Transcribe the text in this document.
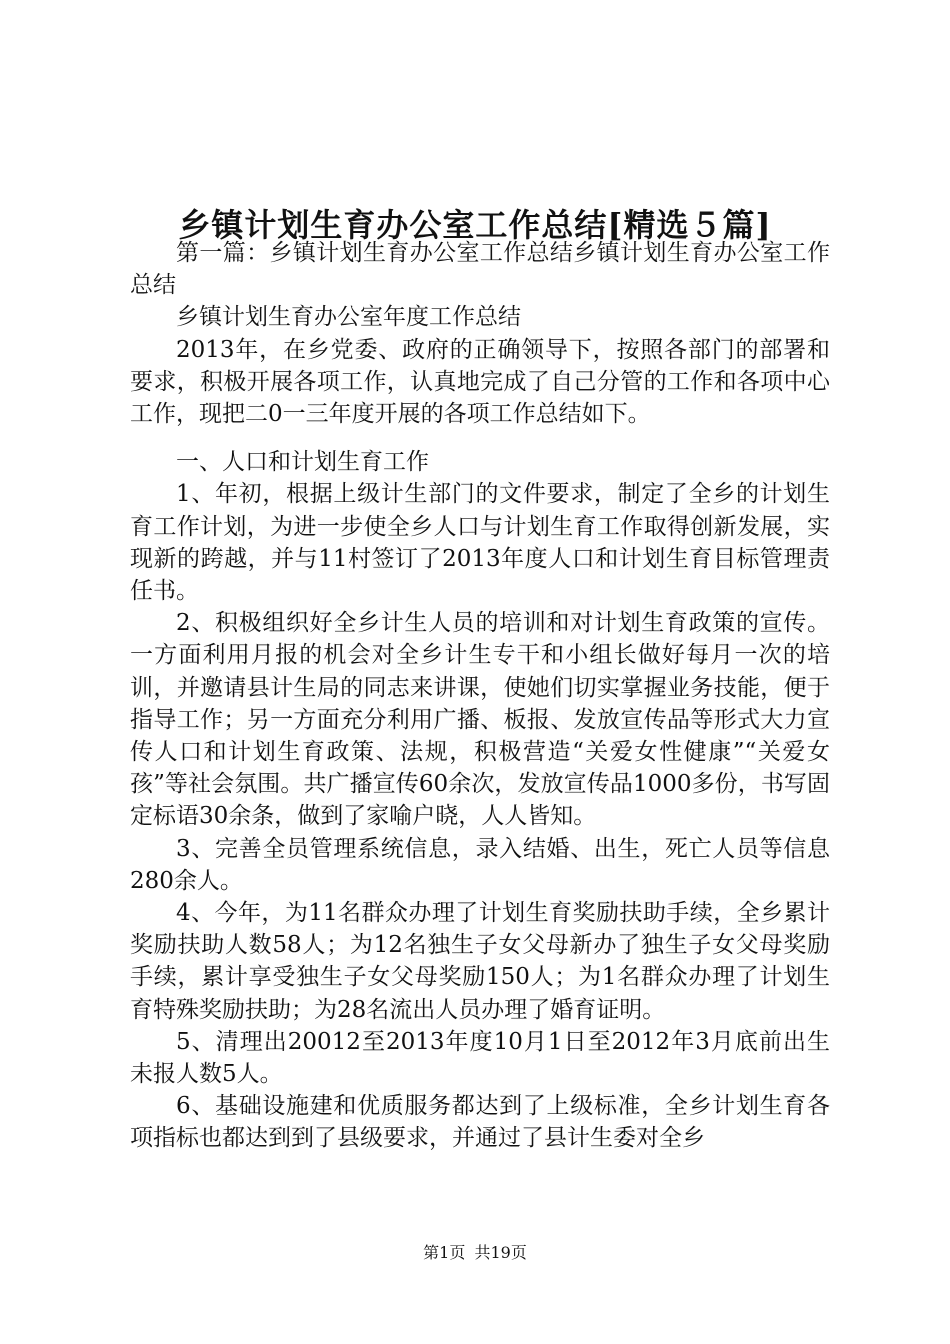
乡镇计划生育办公室工作总结[精选５篇]

第一篇：乡镇计划生育办公室工作总结乡镇计划生育办公室工作总结

乡镇计划生育办公室年度工作总结

2013年，在乡党委、政府的正确领导下，按照各部门的部署和要求，积极开展各项工作，认真地完成了自己分管的工作和各项中心工作，现把二0一三年度开展的各项工作总结如下。

一、人口和计划生育工作

1、年初，根据上级计生部门的文件要求，制定了全乡的计划生育工作计划，为进一步使全乡人口与计划生育工作取得创新发展，实现新的跨越，并与11村签订了2013年度人口和计划生育目标管理责任书。

2、积极组织好全乡计生人员的培训和对计划生育政策的宣传。一方面利用月报的机会对全乡计生专干和小组长做好每月一次的培训，并邀请县计生局的同志来讲课，使她们切实掌握业务技能，便于指导工作；另一方面充分利用广播、板报、发放宣传品等形式大力宣传人口和计划生育政策、法规，积极营造“关爱女性健康”“关爱女孩”等社会氛围。共广播宣传60余次，发放宣传品1000多份，书写固定标语30余条，做到了家喻户晓，人人皆知。

3、完善全员管理系统信息，录入结婚、出生，死亡人员等信息280余人。

4、今年，为11名群众办理了计划生育奖励扶助手续，全乡累计奖励扶助人数58人；为12名独生子女父母新办了独生子女父母奖励手续，累计享受独生子女父母奖励150人；为1名群众办理了计划生育特殊奖励扶助；为28名流出人员办理了婚育证明。

5、清理出20012至2013年度10月1日至2012年3月底前出生未报人数5人。

6、基础设施建和优质服务都达到了上级标准，全乡计划生育各项指标也都达到到了县级要求，并通过了县计生委对全乡

第1页 共19页
